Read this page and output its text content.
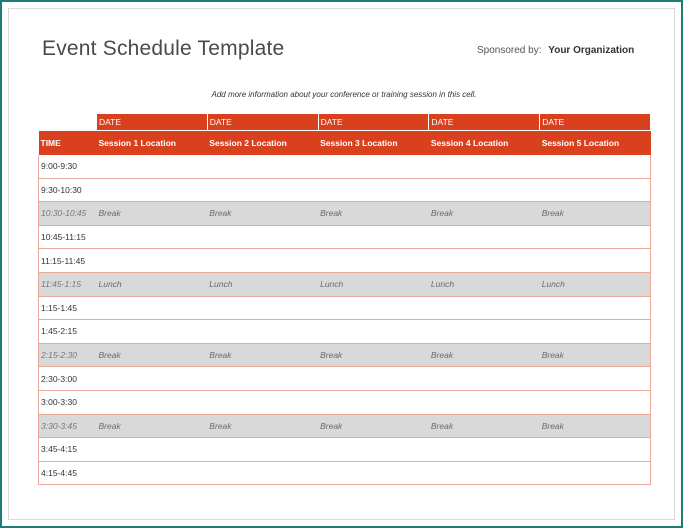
Event Schedule Template	Sponsored by: Your Organization
Add more information about your conference or training session in this cell.
	DATE	DATE	DATE	DATE	DATE
TIME	Session 1 Location	Session 2 Location	Session 3 Location	Session 4 Location	Session 5 Location
9:00-9:30					
9:30-10:30					
10:30-10:45	Break	Break	Break	Break	Break
10:45-11:15					
11:15-11:45					
11:45-1:15	Lunch	Lunch	Lunch	Lunch	Lunch
1:15-1:45					
1:45-2:15					
2:15-2:30	Break	Break	Break	Break	Break
2:30-3:00					
3:00-3:30					
3:30-3:45	Break	Break	Break	Break	Break
3:45-4:15					
4:15-4:45					
